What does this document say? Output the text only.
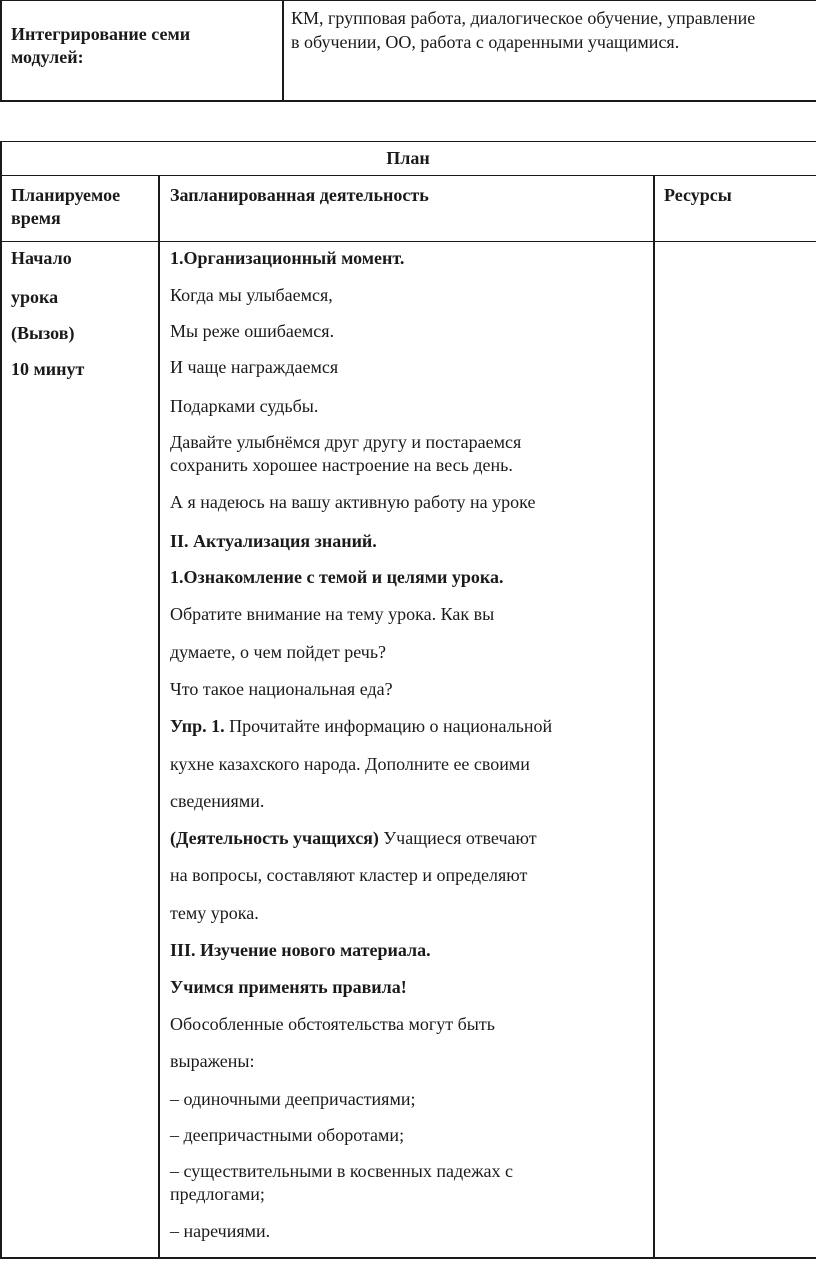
Интегрирование семи
модулей:
КМ, групповая работа, диалогическое обучение, управление
в обучении, ОО, работа с одаренными учащимися.
План
Планируемое
время
Запланированная деятельность	Ресурсы
Начало
урока
(Вызов)
10 минут
1.Организационный момент.
Когда мы улыбаемся,
Мы реже ошибаемся.
И чаще награждаемся
Подарками судьбы.
Давайте улыбнёмся друг другу и постараемся
сохранить хорошее настроение на весь день.
А я надеюсь на вашу активную работу на уроке
II. Актуализация знаний.
1.Ознакомление с темой и целями урока.
Обратите внимание на тему урока. Как вы
думаете, о чем пойдет речь?
Что такое национальная еда?
Упр. 1. Прочитайте информацию о национальной
кухне казахского народа. Дополните ее своими
сведениями.
(Деятельность учащихся) Учащиеся отвечают
на вопросы, составляют кластер и определяют
тему урока.
III. Изучение нового материала.
Учимся применять правила!
Обособленные обстоятельства могут быть
выражены:
– одиночными деепричастиями;
– деепричастными оборотами;
– существительными в косвенных падежах с
предлогами;
– наречиями.
